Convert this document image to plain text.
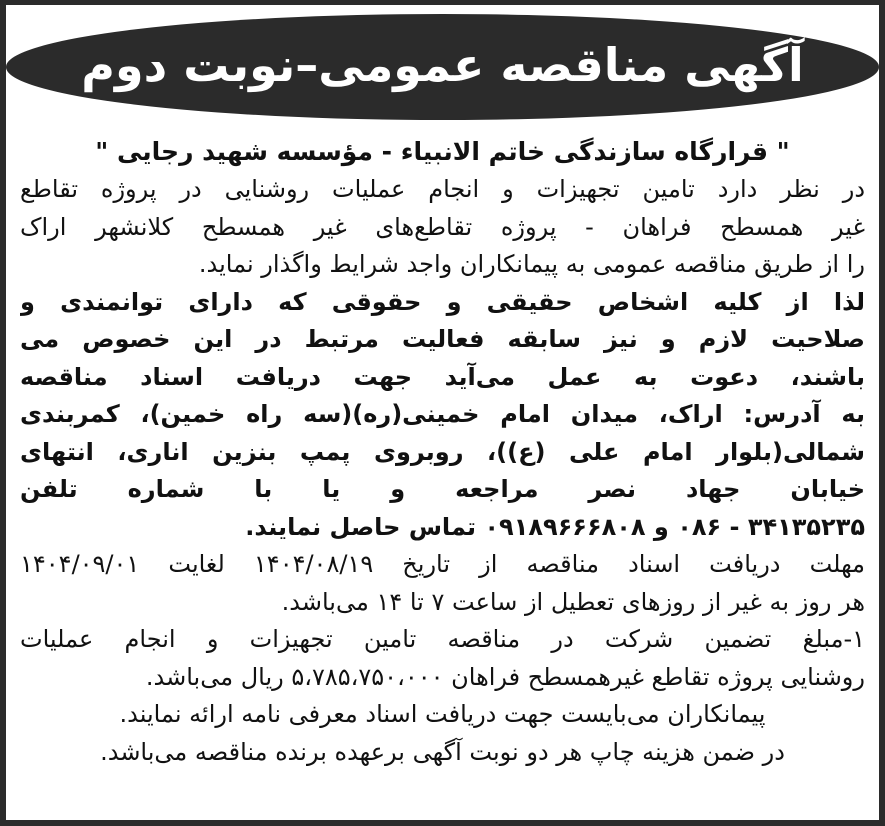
آگهی مناقصه عمومی–نوبت دوم
" قرارگاه سازندگی خاتم الانبیاء - مؤسسه شهید رجایی "
در نظر دارد تامین تجهیزات و انجام عملیات روشنایی در پروژه تقاطع
غیر همسطح فراهان - پروژه تقاطع‌های غیر همسطح کلانشهر اراک
را از طریق مناقصه عمومی به پیمانکاران واجد شرایط واگذار نماید.
لذا از کلیه اشخاص حقیقی و حقوقی که دارای توانمندی و
صلاحیت لازم و نیز سابقه فعالیت مرتبط در این خصوص می
باشند، دعوت به عمل می‌آید جهت دریافت اسناد مناقصه
به آدرس: اراک، میدان امام خمینی(ره)(سه راه خمین)، کمربندی
شمالی(بلوار امام علی (ع))، روبروی پمپ بنزین اناری، انتهای
خیابان جهاد نصر مراجعه و یا با شماره تلفن
۳۴۱۳۵۲۳۵ - ۰۸۶ و ۰۹۱۸۹۶۶۶۸۰۸ تماس حاصل نمایند.
مهلت دریافت اسناد مناقصه از تاریخ ۱۴۰۴/۰۸/۱۹ لغایت ۱۴۰۴/۰۹/۰۱
هر روز به غیر از روزهای تعطیل از ساعت ۷ تا ۱۴ می‌باشد.
۱-مبلغ تضمین شرکت در مناقصه تامین تجهیزات و انجام عملیات
روشنایی پروژه تقاطع غیرهمسطح فراهان ۵،۷۸۵،۷۵۰،۰۰۰ ریال می‌باشد.
پیمانکاران می‌بایست جهت دریافت اسناد معرفی نامه ارائه نمایند.
در ضمن هزینه چاپ هر دو نوبت آگهی برعهده برنده مناقصه می‌باشد.
